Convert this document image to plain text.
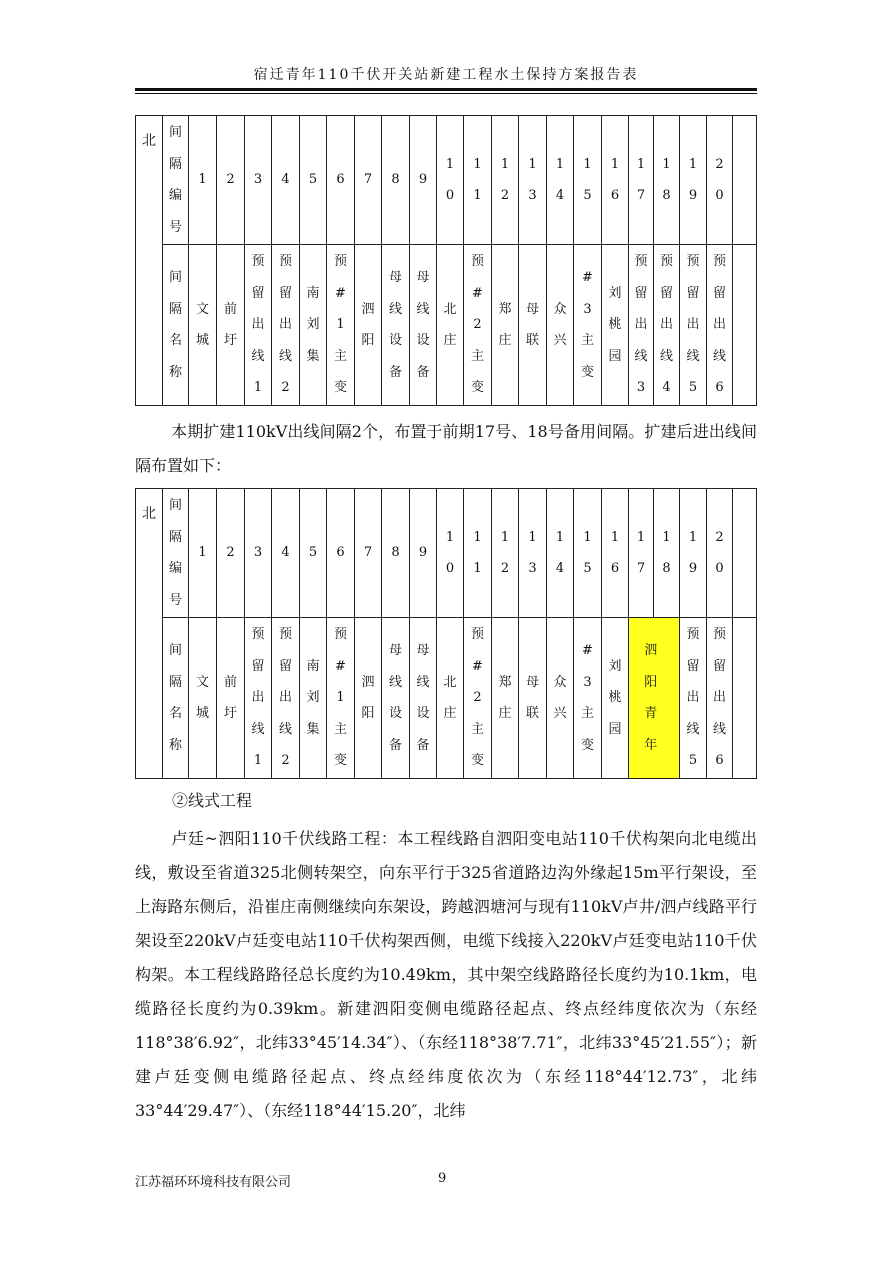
宿迁青年110千伏开关站新建工程水土保持方案报告表
北	间隔编号	1	2	3	4	5	6	7	8	9	10	11	12	13	14	15	16	17	18	19	20	
	间隔名称	文城	前圩	预留出线1	预留出线2	南刘集	预#1主变	泗阳	母线设备	母线设备	北庄	预#2主变	郑庄	母联	众兴	#3主变	刘桃园	预留出线3	预留出线4	预留出线5	预留出线6	
本期扩建110kV出线间隔2个，布置于前期17号、18号备用间隔。扩建后进出线间隔布置如下：
北	间隔编号	1	2	3	4	5	6	7	8	9	10	11	12	13	14	15	16	17	18	19	20	
	间隔名称	文城	前圩	预留出线1	预留出线2	南刘集	预#1主变	泗阳	母线设备	母线设备	北庄	预#2主变	郑庄	母联	众兴	#3主变	刘桃园	泗阳青年		预留出线5	预留出线6	
②线式工程
卢廷~泗阳110千伏线路工程：本工程线路自泗阳变电站110千伏构架向北电缆出线，敷设至省道325北侧转架空，向东平行于325省道路边沟外缘起15m平行架设，至上海路东侧后，沿崔庄南侧继续向东架设，跨越泗塘河与现有110kV卢井/泗卢线路平行架设至220kV卢廷变电站110千伏构架西侧，电缆下线接入220kV卢廷变电站110千伏构架。本工程线路路径总长度约为10.49km，其中架空线路路径长度约为10.1km，电缆路径长度约为0.39km。新建泗阳变侧电缆路径起点、终点经纬度依次为（东经118°38′6.92″，北纬33°45′14.34″）、（东经118°38′7.71″，北纬33°45′21.55″）；新建卢廷变侧电缆路径起点、终点经纬度依次为（东经118°44′12.73″，北纬33°44′29.47″）、（东经118°44′15.20″，北纬
江苏福环环境科技有限公司	9
